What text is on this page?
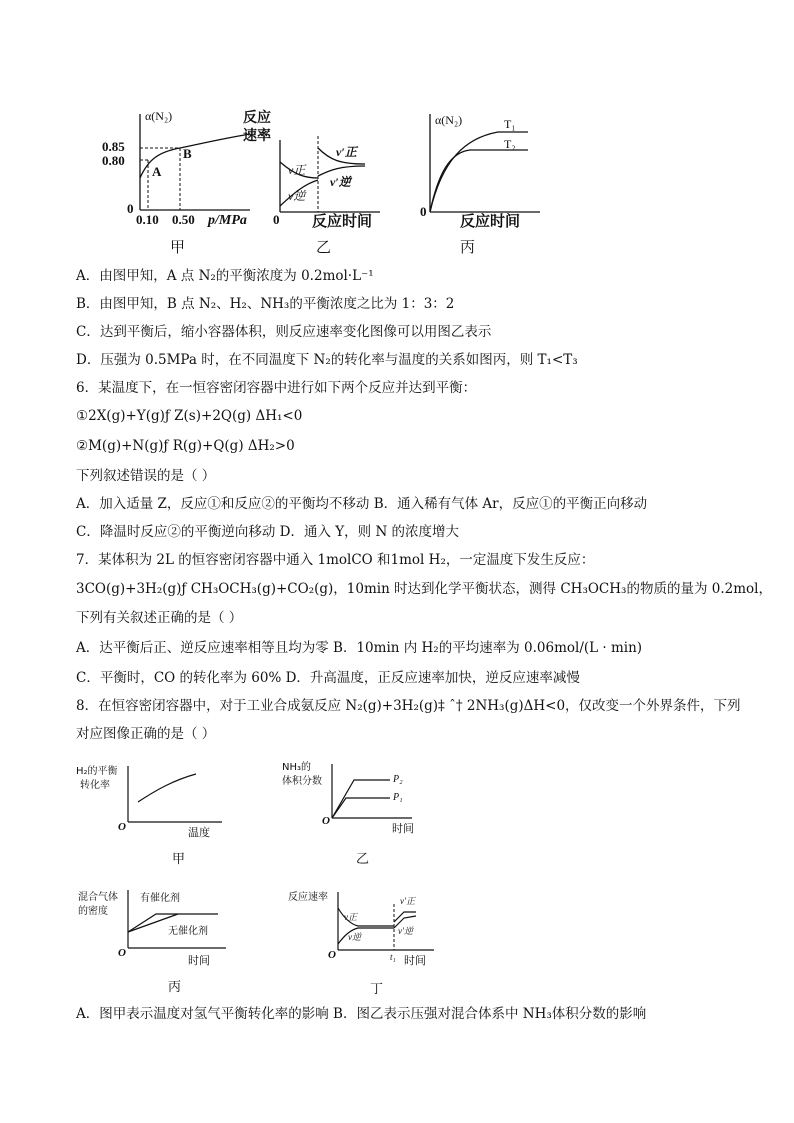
α(N₂)
0.85
0.80
0
0.10 0.50 p/MPa
A
B
甲
反应
速率
v正
v逆
v′正
v′逆
0 反应时间
乙
α(N₂)	T₁
T₂
0
反应时间
丙
A．由图甲知，A 点 N₂的平衡浓度为 0.2mol·L⁻¹
B．由图甲知，B 点 N₂、H₂、NH₃的平衡浓度之比为 1：3：2
C．达到平衡后，缩小容器体积，则反应速率变化图像可以用图乙表示
D．压强为 0.5MPa 时，在不同温度下 N₂的转化率与温度的关系如图丙，则 T₁<T₃
6．某温度下，在一恒容密闭容器中进行如下两个反应并达到平衡：
①2X(g)+Y(g)ƒ Z(s)+2Q(g) ΔH₁<0
②M(g)+N(g)ƒ R(g)+Q(g) ΔH₂>0
下列叙述错误的是（ ）
A．加入适量 Z，反应①和反应②的平衡均不移动 B．通入稀有气体 Ar，反应①的平衡正向移动
C．降温时反应②的平衡逆向移动 D．通入 Y，则 N 的浓度增大
7．某体积为 2L 的恒容密闭容器中通入 1molCO 和1mol H₂，一定温度下发生反应：
3CO(g)+3H₂(g)ƒ CH₃OCH₃(g)+CO₂(g)，10min 时达到化学平衡状态，测得 CH₃OCH₃的物质的量为 0.2mol，
下列有关叙述正确的是（ ）
A．达平衡后正、逆反应速率相等且均为零 B．10min 内 H₂的平均速率为 0.06mol/(L · min)
C．平衡时，CO 的转化率为 60% D．升高温度，正反应速率加快，逆反应速率减慢
8．在恒容密闭容器中，对于工业合成氨反应 N₂(g)+3H₂(g)‡ ˆ† 2NH₃(g)ΔH<0，仅改变一个外界条件，下列
对应图像正确的是（ ）
H₂的平衡
转化率
O	温度
甲
NH₃的
体积分数	P₂
P₁
O
时间
乙
混合气体
的密度
有催化剂
无催化剂
O
时间
丙
反应速率
v正
v逆
v′正
v′逆
O	t₁ 时间
丁
A．图甲表示温度对氢气平衡转化率的影响 B．图乙表示压强对混合体系中 NH₃体积分数的影响
